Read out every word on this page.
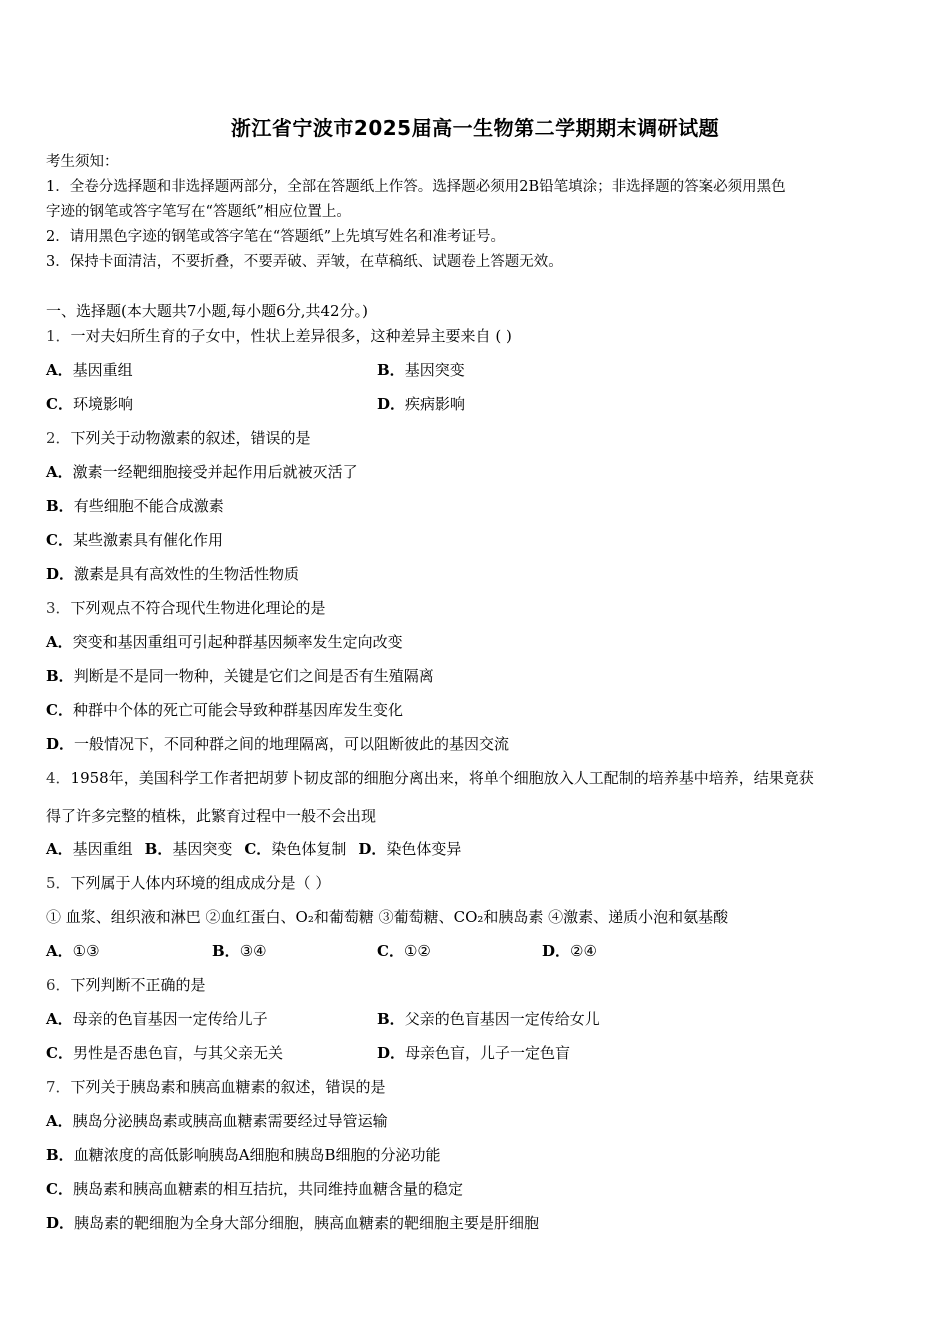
浙江省宁波市2025届高一生物第二学期期末调研试题
考生须知：
1．全卷分选择题和非选择题两部分，全部在答题纸上作答。选择题必须用2B铅笔填涂；非选择题的答案必须用黑色
字迹的钢笔或答字笔写在“答题纸”相应位置上。
2．请用黑色字迹的钢笔或答字笔在“答题纸”上先填写姓名和准考证号。
3．保持卡面清洁，不要折叠，不要弄破、弄皱，在草稿纸、试题卷上答题无效。
一、选择题(本大题共7小题,每小题6分,共42分。)
1．一对夫妇所生育的子女中，性状上差异很多，这种差异主要来自 ( )
A．基因重组	B．基因突变
C．环境影响	D．疾病影响
2．下列关于动物激素的叙述，错误的是
A．激素一经靶细胞接受并起作用后就被灭活了
B．有些细胞不能合成激素
C．某些激素具有催化作用
D．激素是具有高效性的生物活性物质
3．下列观点不符合现代生物进化理论的是
A．突变和基因重组可引起种群基因频率发生定向改变
B．判断是不是同一物种，关键是它们之间是否有生殖隔离
C．种群中个体的死亡可能会导致种群基因库发生变化
D．一般情况下，不同种群之间的地理隔离，可以阻断彼此的基因交流
4．1958年，美国科学工作者把胡萝卜韧皮部的细胞分离出来，将单个细胞放入人工配制的培养基中培养，结果竟获
得了许多完整的植株，此繁育过程中一般不会出现
A．基因重组 B．基因突变 C．染色体复制 D．染色体变异
5．下列属于人体内环境的组成成分是（ ）
① 血浆、组织液和淋巴 ②血红蛋白、O₂和葡萄糖 ③葡萄糖、CO₂和胰岛素 ④激素、递质小泡和氨基酸
A．①③	B．③④	C．①②	D．②④
6．下列判断不正确的是
A．母亲的色盲基因一定传给儿子	B．父亲的色盲基因一定传给女儿
C．男性是否患色盲，与其父亲无关	D．母亲色盲，儿子一定色盲
7．下列关于胰岛素和胰高血糖素的叙述，错误的是
A．胰岛分泌胰岛素或胰高血糖素需要经过导管运输
B．血糖浓度的高低影响胰岛A细胞和胰岛B细胞的分泌功能
C．胰岛素和胰高血糖素的相互拮抗，共同维持血糖含量的稳定
D．胰岛素的靶细胞为全身大部分细胞，胰高血糖素的靶细胞主要是肝细胞
